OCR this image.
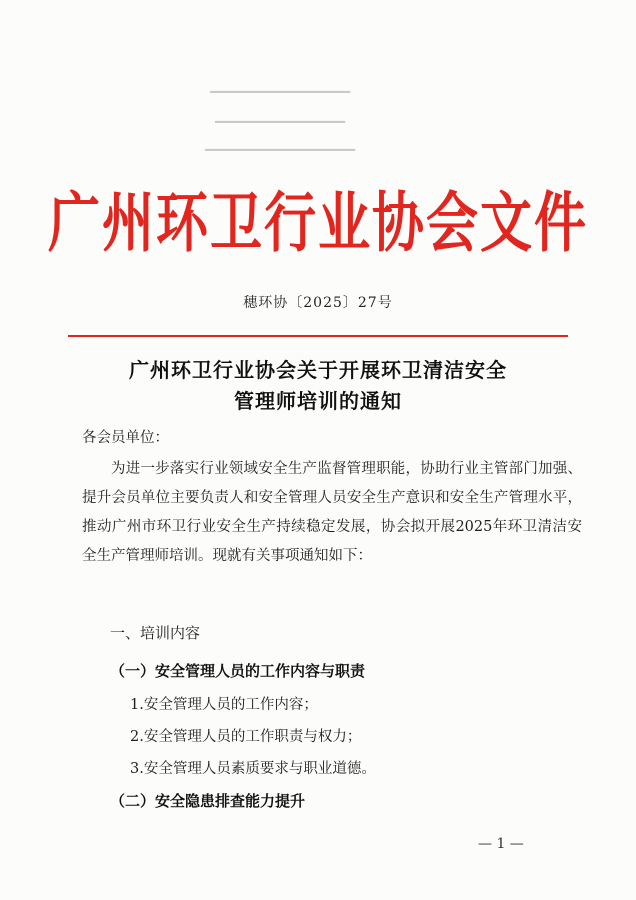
▔▔▔▔▔▔▔▔▔▔▔▔▔▔
▔▔▔▔▔▔▔▔▔▔▔▔▔
▔▔▔▔▔▔▔▔▔▔▔▔▔▔▔
广州环卫行业协会文件
穗环协〔2025〕27号
广州环卫行业协会关于开展环卫清洁安全
管理师培训的通知
各会员单位：
为进一步落实行业领域安全生产监督管理职能，协助行业主管部门加强、提升会员单位主要负责人和安全管理人员安全生产意识和安全生产管理水平，推动广州市环卫行业安全生产持续稳定发展，协会拟开展2025年环卫清洁安全生产管理师培训。现就有关事项通知如下：
一、培训内容
（一）安全管理人员的工作内容与职责
1.安全管理人员的工作内容；
2.安全管理人员的工作职责与权力；
3.安全管理人员素质要求与职业道德。
（二）安全隐患排查能力提升
— 1 —
